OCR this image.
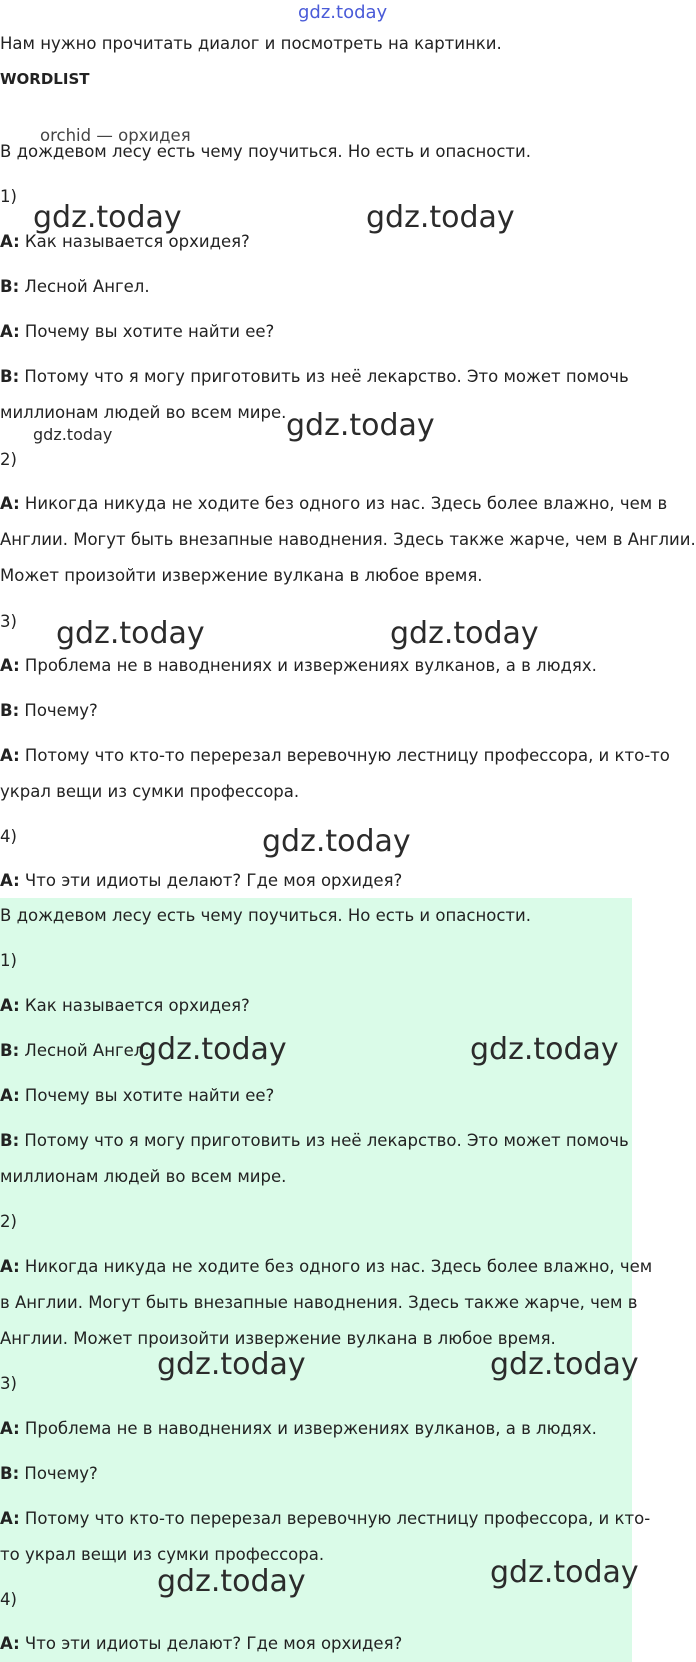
gdz.today
Нам нужно прочитать диалог и посмотреть на картинки.
WORDLIST
orchid — орхидея
В дождевом лесу есть чему поучиться. Но есть и опасности.
1)
gdz.today	gdz.today
A: Как называется орхидея?
B: Лесной Ангел.
A: Почему вы хотите найти ее?
B: Потому что я могу приготовить из неё лекарство. Это может помочь
миллионам людей во всем мире. gdz.today
gdz.today
2)
A: Никогда никуда не ходите без одного из нас. Здесь более влажно, чем в
Англии. Могут быть внезапные наводнения. Здесь также жарче, чем в Англии.
Может произойти извержение вулкана в любое время.
3) gdz.today	gdz.today
A: Проблема не в наводнениях и извержениях вулканов, а в людях.
B: Почему?
A: Потому что кто-то перерезал веревочную лестницу профессора, и кто-то
украл вещи из сумки профессора.
4)	gdz.today
A: Что эти идиоты делают? Где моя орхидея?
В дождевом лесу есть чему поучиться. Но есть и опасности.
1)
A: Как называется орхидея?
B: Лесной Ангел.
gdz.today	gdz.today
A: Почему вы хотите найти ее?
B: Потому что я могу приготовить из неё лекарство. Это может помочь
миллионам людей во всем мире.
2)
A: Никогда никуда не ходите без одного из нас. Здесь более влажно, чем
в Англии. Могут быть внезапные наводнения. Здесь также жарче, чем в
Англии. Может произойти извержение вулкана в любое время.
gdz.today	gdz.today
3)
A: Проблема не в наводнениях и извержениях вулканов, а в людях.
B: Почему?
A: Потому что кто-то перерезал веревочную лестницу профессора, и кто-
то украл вещи из сумки профессора.
gdz.today
4)
gdz.today
A: Что эти идиоты делают? Где моя орхидея?
